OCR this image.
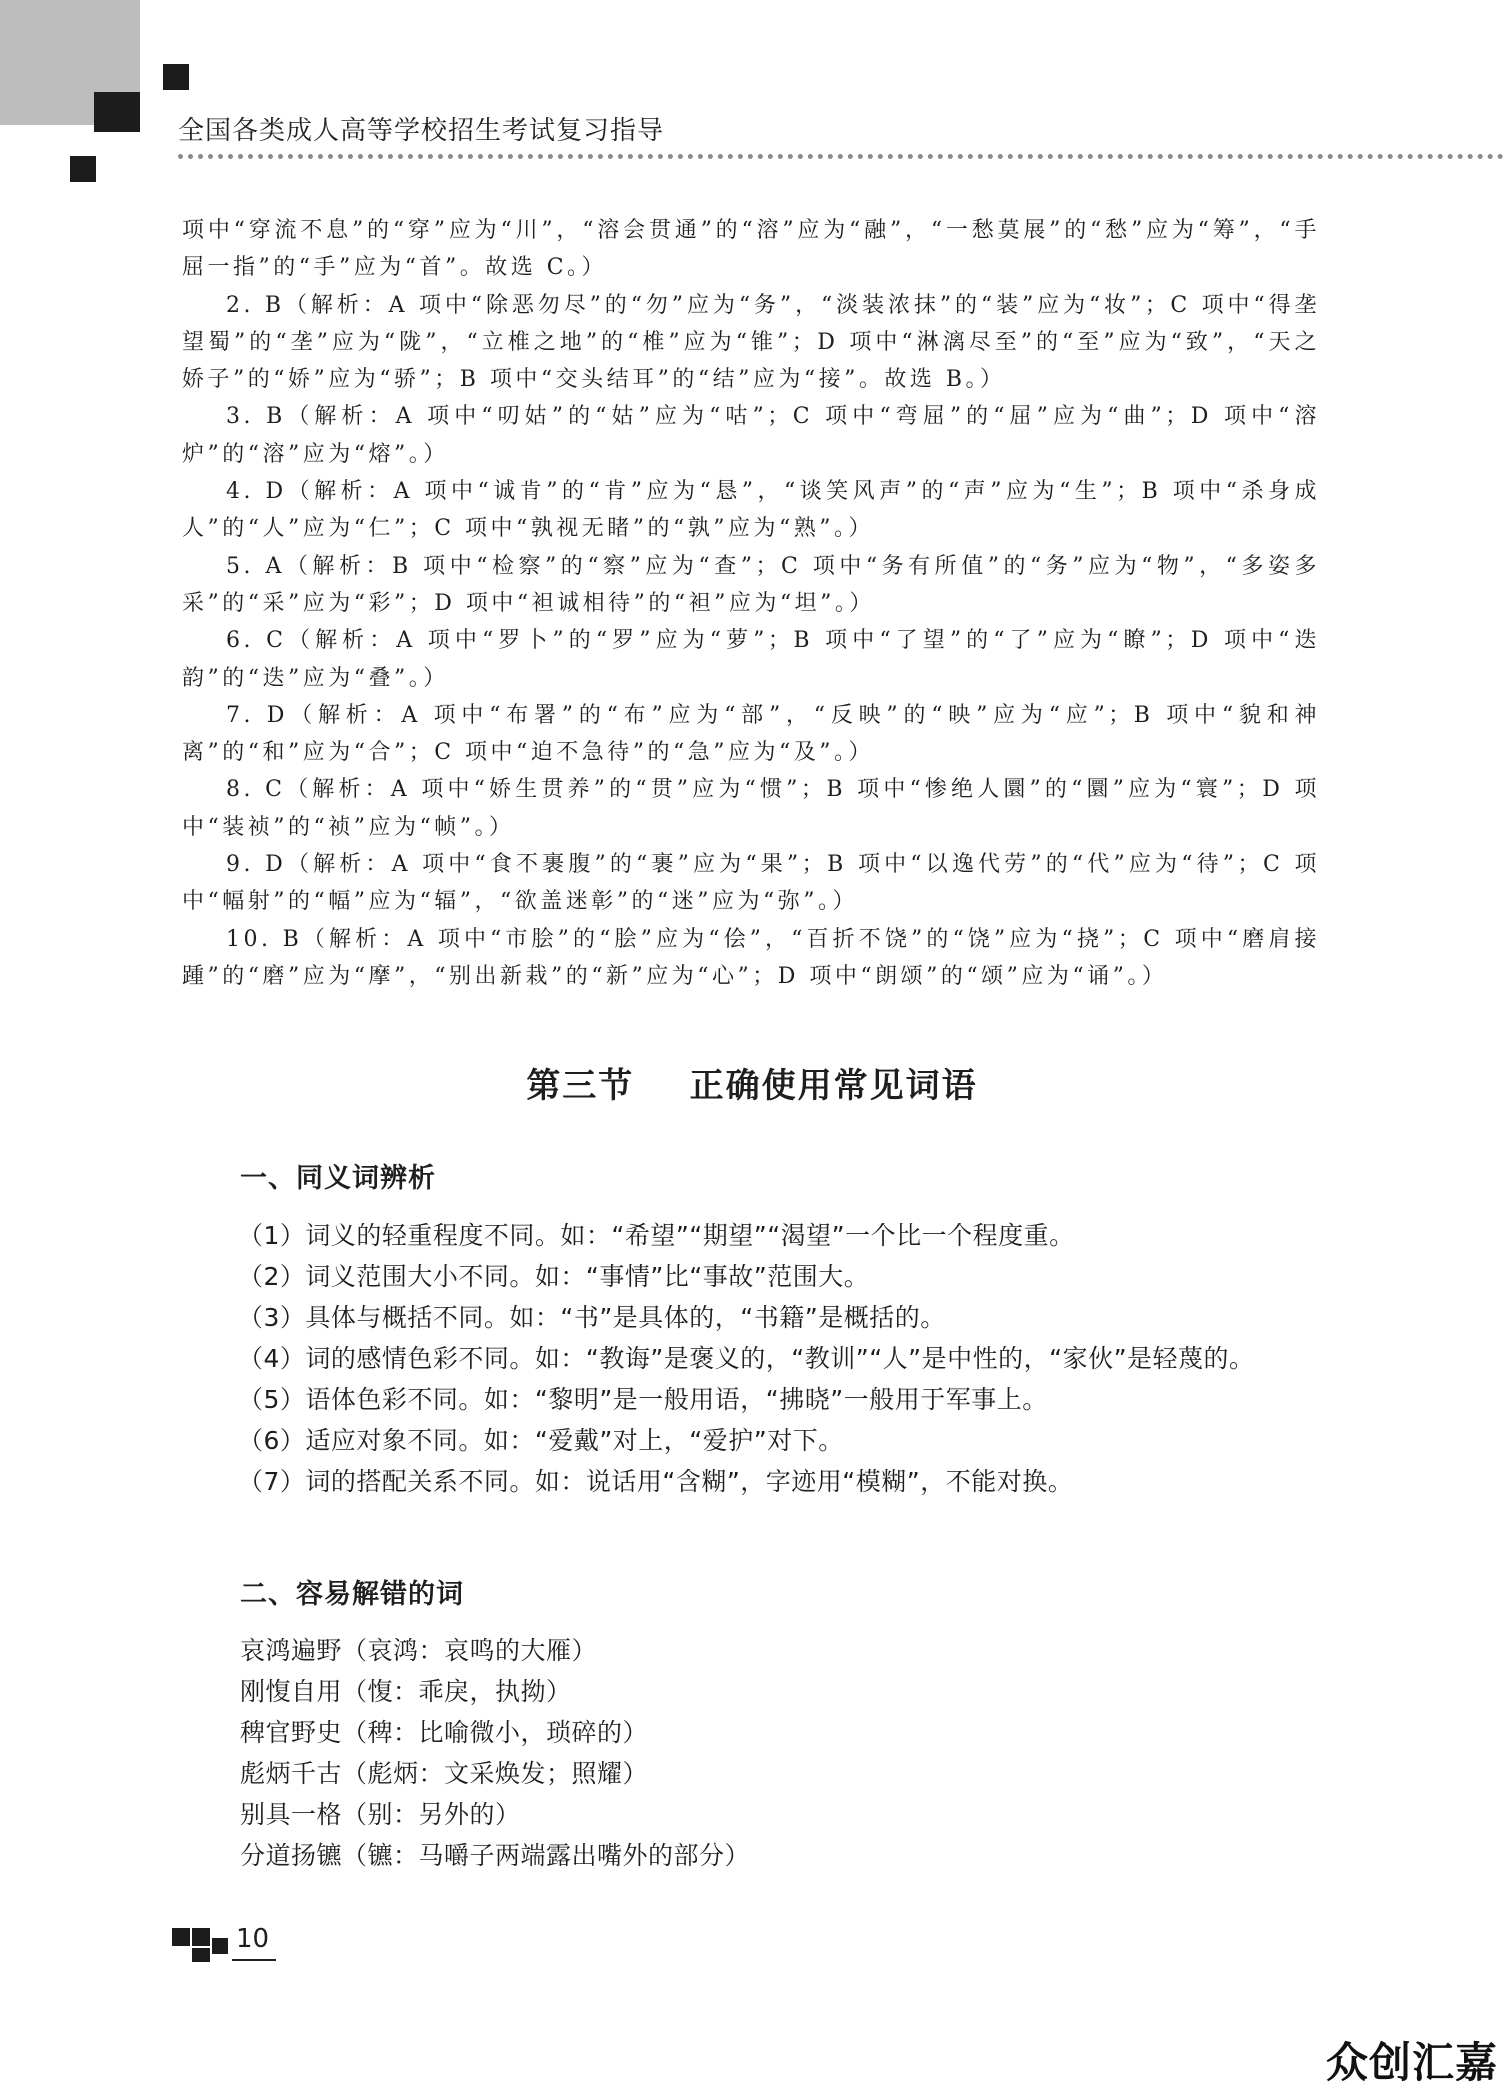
全国各类成人高等学校招生考试复习指导

项中“穿流不息”的“穿”应为“川”，“溶会贯通”的“溶”应为“融”，“一愁莫展”的“愁”应为“筹”，“手屈一指”的“手”应为“首”。故选 C。）

2. B（解析：A 项中“除恶勿尽”的“勿”应为“务”，“淡装浓抹”的“装”应为“妆”；C 项中“得垄望蜀”的“垄”应为“陇”，“立椎之地”的“椎”应为“锥”；D 项中“淋漓尽至”的“至”应为“致”，“天之娇子”的“娇”应为“骄”；B 项中“交头结耳”的“结”应为“接”。故选 B。）

3. B（解析：A 项中“叨姑”的“姑”应为“咕”；C 项中“弯屈”的“屈”应为“曲”；D 项中“溶炉”的“溶”应为“熔”。）

4. D（解析：A 项中“诚肯”的“肯”应为“恳”，“谈笑风声”的“声”应为“生”；B 项中“杀身成人”的“人”应为“仁”；C 项中“孰视无睹”的“孰”应为“熟”。）

5. A（解析：B 项中“检察”的“察”应为“查”；C 项中“务有所值”的“务”应为“物”，“多姿多采”的“采”应为“彩”；D 项中“袒诚相待”的“袒”应为“坦”。）

6. C（解析：A 项中“罗卜”的“罗”应为“萝”；B 项中“了望”的“了”应为“瞭”；D 项中“迭韵”的“迭”应为“叠”。）

7. D（解析：A 项中“布署”的“布”应为“部”，“反映”的“映”应为“应”；B 项中“貌和神离”的“和”应为“合”；C 项中“迫不急待”的“急”应为“及”。）

8. C（解析：A 项中“娇生贯养”的“贯”应为“惯”；B 项中“惨绝人圜”的“圜”应为“寰”；D 项中“装祯”的“祯”应为“帧”。）

9. D（解析：A 项中“食不裹腹”的“裹”应为“果”；B 项中“以逸代劳”的“代”应为“待”；C 项中“幅射”的“幅”应为“辐”，“欲盖迷彰”的“迷”应为“弥”。）

10. B（解析：A 项中“市脍”的“脍”应为“侩”，“百折不饶”的“饶”应为“挠”；C 项中“磨肩接踵”的“磨”应为“摩”，“别出新栽”的“新”应为“心”；D 项中“朗颂”的“颂”应为“诵”。）

第三节    正确使用常见词语
一、同义词辨析

（1）词义的轻重程度不同。如：“希望”“期望”“渴望”一个比一个程度重。

（2）词义范围大小不同。如：“事情”比“事故”范围大。

（3）具体与概括不同。如：“书”是具体的，“书籍”是概括的。

（4）词的感情色彩不同。如：“教诲”是褒义的，“教训”“人”是中性的，“家伙”是轻蔑的。

（5）语体色彩不同。如：“黎明”是一般用语，“拂晓”一般用于军事上。

（6）适应对象不同。如：“爱戴”对上，“爱护”对下。

（7）词的搭配关系不同。如：说话用“含糊”，字迹用“模糊”，不能对换。

二、容易解错的词

哀鸿遍野（哀鸿：哀鸣的大雁）

刚愎自用（愎：乖戾，执拗）

稗官野史（稗：比喻微小，琐碎的）

彪炳千古（彪炳：文采焕发；照耀）

别具一格（别：另外的）

分道扬镳（镳：马嚼子两端露出嘴外的部分）

10
众创汇嘉
